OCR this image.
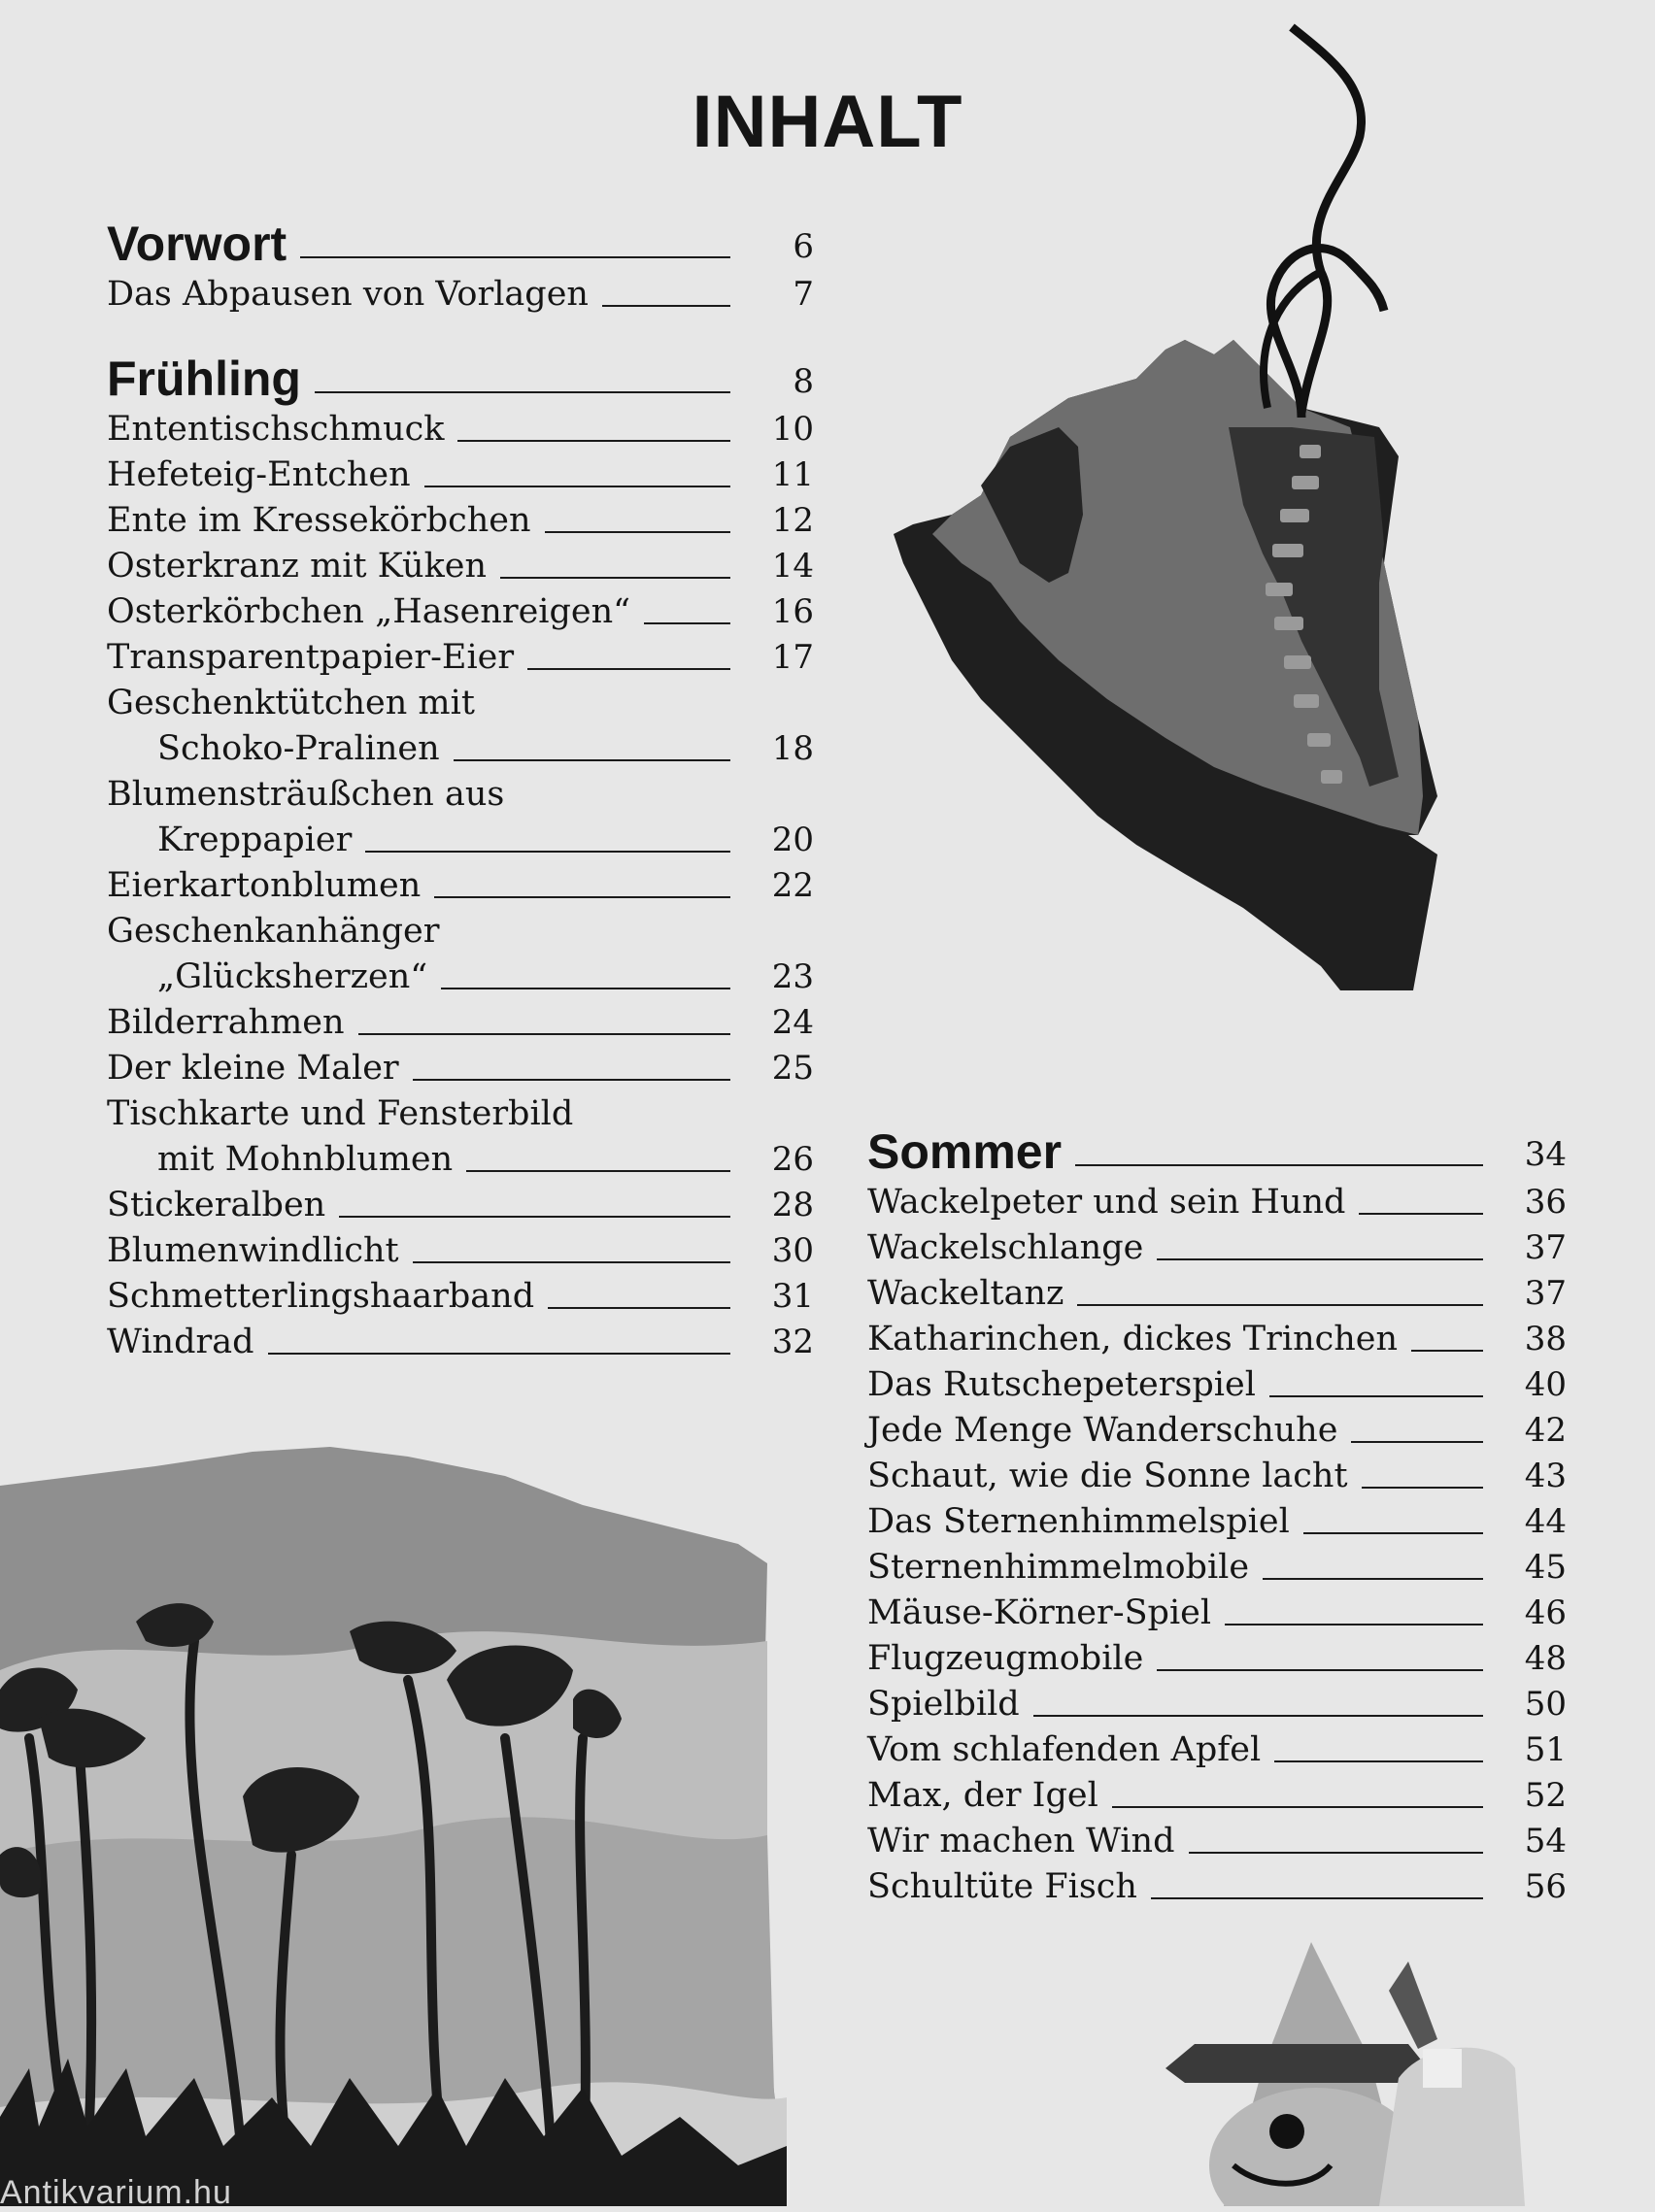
INHALT
Antikvarium.hu
Vorwort	6
Das Abpausen von Vorlagen	7
Frühling	8
Ententischschmuck	10
Hefeteig-Entchen	11
Ente im Kressekörbchen	12
Osterkranz mit Küken	14
Osterkörbchen „Hasenreigen“	16
Transparentpapier-Eier	17
Geschenktütchen mit
Schoko-Pralinen	18
Blumensträußchen aus
Kreppapier	20
Eierkartonblumen	22
Geschenkanhänger
„Glücksherzen“	23
Bilderrahmen	24
Der kleine Maler	25
Tischkarte und Fensterbild
mit Mohnblumen	26
Stickeralben	28
Blumenwindlicht	30
Schmetterlingshaarband	31
Windrad	32
Sommer	34
Wackelpeter und sein Hund	36
Wackelschlange	37
Wackeltanz	37
Katharinchen, dickes Trinchen	38
Das Rutschepeterspiel	40
Jede Menge Wanderschuhe	42
Schaut, wie die Sonne lacht	43
Das Sternenhimmelspiel	44
Sternenhimmelmobile	45
Mäuse-Körner-Spiel	46
Flugzeugmobile	48
Spielbild	50
Vom schlafenden Apfel	51
Max, der Igel	52
Wir machen Wind	54
Schultüte Fisch	56
